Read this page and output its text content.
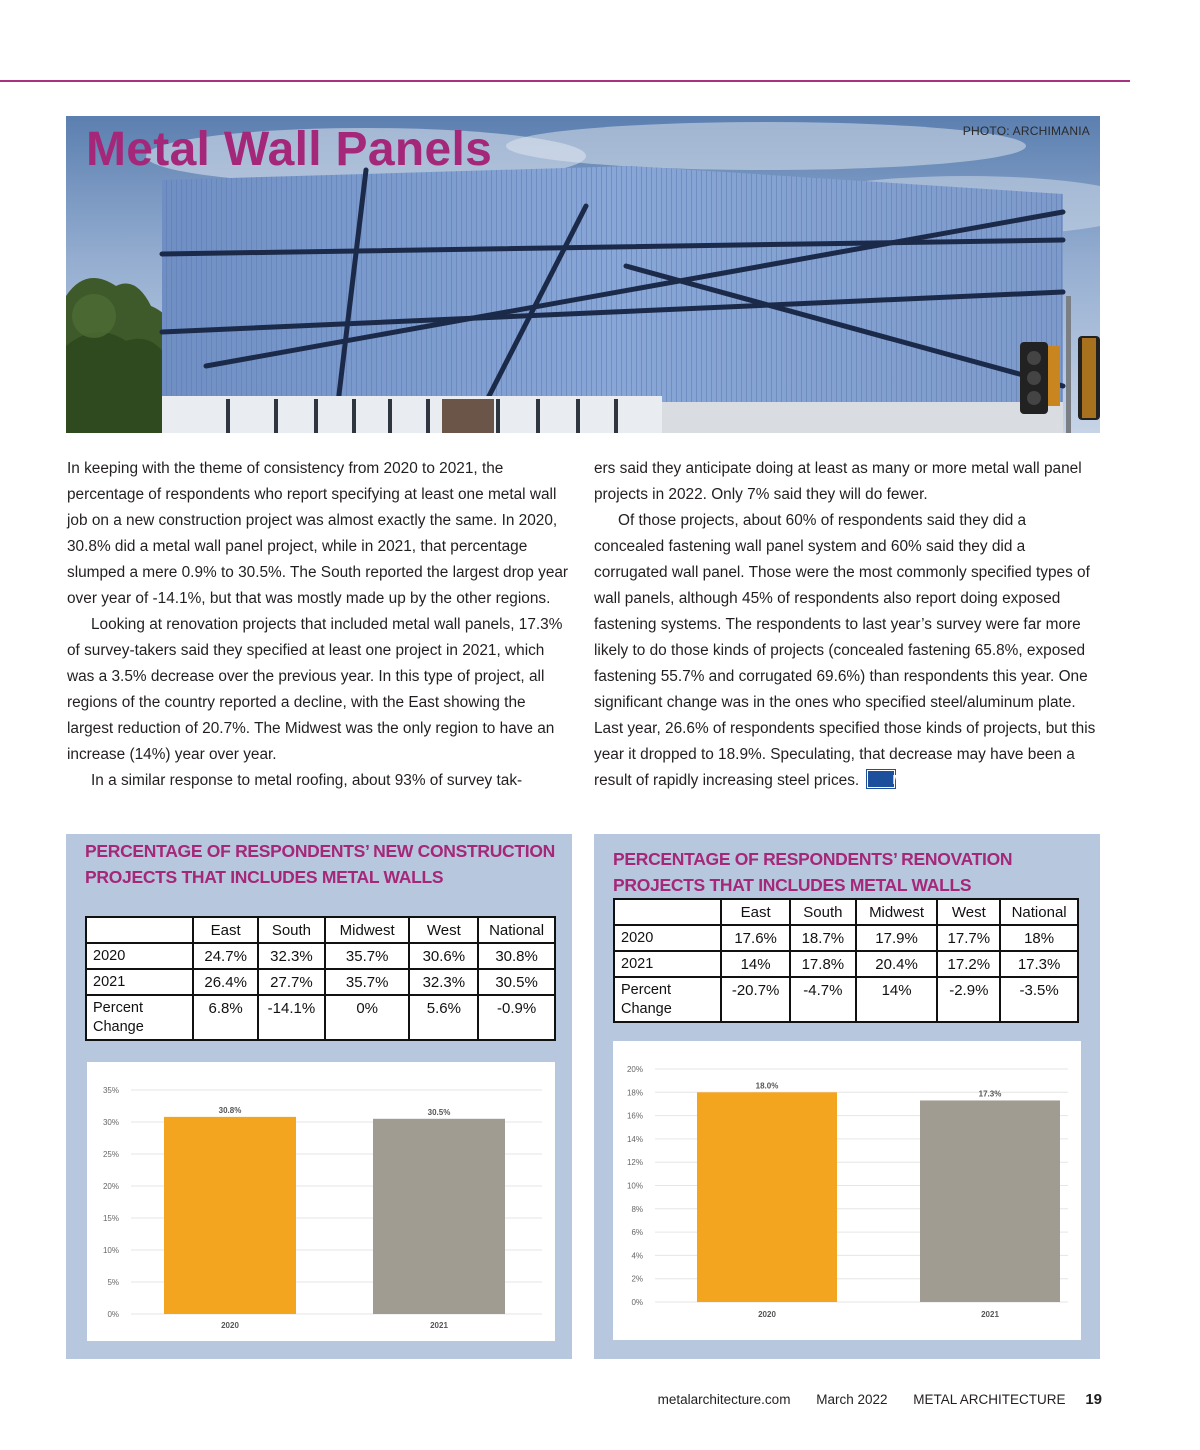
Metal Wall Panels	PHOTO: ARCHIMANIA

In keeping with the theme of consistency from 2020 to 2021, the percentage of respondents who report specifying at least one metal wall job on a new construction project was almost exactly the same. In 2020, 30.8% did a metal wall panel project, while in 2021, that percentage slumped a mere 0.9% to 30.5%. The South reported the largest drop year over year of -14.1%, but that was mostly made up by the other regions.

Looking at renovation projects that included metal wall panels, 17.3% of survey-takers said they specified at least one project in 2021, which was a 3.5% decrease over the previous year. In this type of project, all regions of the country reported a decline, with the East showing the largest reduction of 20.7%. The Midwest was the only region to have an increase (14%) year over year.

In a similar response to metal roofing, about 93% of survey tak-

ers said they anticipate doing at least as many or more metal wall panel projects in 2022. Only 7% said they will do fewer.

Of those projects, about 60% of respondents said they did a concealed fastening wall panel system and 60% said they did a corrugated wall panel. Those were the most commonly specified types of wall panels, although 45% of respondents also report doing exposed fastening systems. The respondents to last year’s survey were far more likely to do those kinds of projects (concealed fastening 65.8%, exposed fastening 55.7% and corrugated 69.6%) than respondents this year. One significant change was in the ones who specified steel/aluminum plate. Last year, 26.6% of respondents specified those kinds of projects, but this year it dropped to 18.9%. Speculating, that decrease may have been a result of rapidly increasing steel prices.	Ma

PERCENTAGE OF RESPONDENTS’ NEW CONSTRUCTION PROJECTS THAT INCLUDES METAL WALLS
	East	South	Midwest	West	National
2020	24.7%	32.3%	35.7%	30.6%	30.8%
2021	26.4%	27.7%	35.7%	32.3%	30.5%
Percent Change	6.8%	-14.1%	0%	5.6%	-0.9%
0%
5%
10%
15%
20%
25%
30%
35%
30.8%
2020
30.5%
2021
PERCENTAGE OF RESPONDENTS’ RENOVATION PROJECTS THAT INCLUDES METAL WALLS
	East	South	Midwest	West	National
2020	17.6%	18.7%	17.9%	17.7%	18%
2021	14%	17.8%	20.4%	17.2%	17.3%
Percent Change	-20.7%	-4.7%	14%	-2.9%	-3.5%
0%
2%
4%
6%
8%
10%
12%
14%
16%
18%
20%
18.0%
2020
17.3%
2021
metalarchitecture.com March 2022 METAL ARCHITECTURE 19
